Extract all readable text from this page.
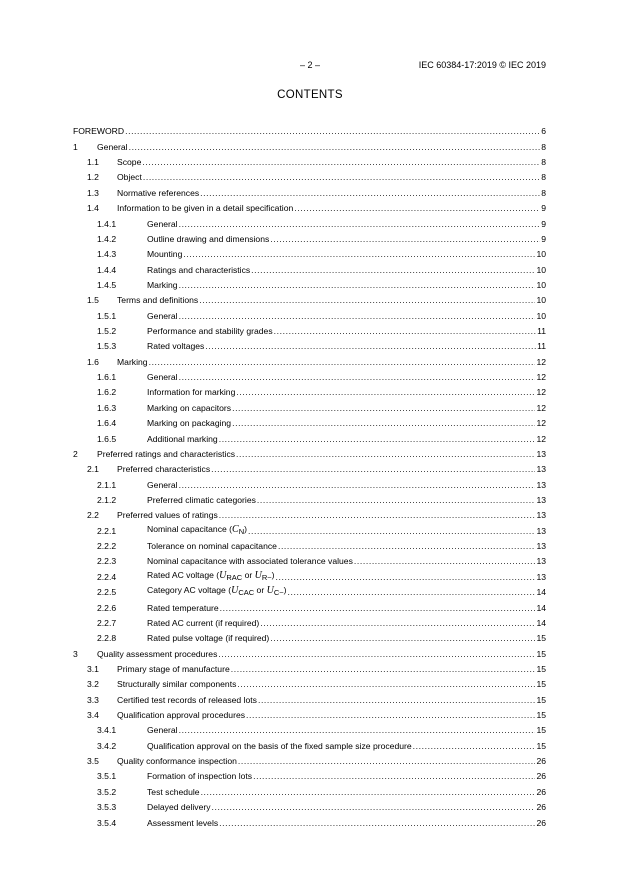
– 2 –	IEC 60384-17:2019 © IEC 2019
CONTENTS
FOREWORD .....	6
1	General .....	8
1.1	Scope .....	8
1.2	Object .....	8
1.3	Normative references .....	8
1.4	Information to be given in a detail specification .....	9
1.4.1	General .....	9
1.4.2	Outline drawing and dimensions .....	9
1.4.3	Mounting .....	10
1.4.4	Ratings and characteristics .....	10
1.4.5	Marking .....	10
1.5	Terms and definitions .....	10
1.5.1	General .....	10
1.5.2	Performance and stability grades .....	11
1.5.3	Rated voltages .....	11
1.6	Marking .....	12
1.6.1	General .....	12
1.6.2	Information for marking .....	12
1.6.3	Marking on capacitors .....	12
1.6.4	Marking on packaging .....	12
1.6.5	Additional marking .....	12
2	Preferred ratings and characteristics .....	13
2.1	Preferred characteristics .....	13
2.1.1	General .....	13
2.1.2	Preferred climatic categories .....	13
2.2	Preferred values of ratings .....	13
2.2.1	Nominal capacitance (CN) .....	13
2.2.2	Tolerance on nominal capacitance .....	13
2.2.3	Nominal capacitance with associated tolerance values .....	13
2.2.4	Rated AC voltage (URAC or UR~) .....	13
2.2.5	Category AC voltage (UCAC or UC~) .....	14
2.2.6	Rated temperature .....	14
2.2.7	Rated AC current (if required) .....	14
2.2.8	Rated pulse voltage (if required) .....	15
3	Quality assessment procedures .....	15
3.1	Primary stage of manufacture .....	15
3.2	Structurally similar components .....	15
3.3	Certified test records of released lots .....	15
3.4	Qualification approval procedures .....	15
3.4.1	General .....	15
3.4.2	Qualification approval on the basis of the fixed sample size procedure .....	15
3.5	Quality conformance inspection .....	26
3.5.1	Formation of inspection lots .....	26
3.5.2	Test schedule .....	26
3.5.3	Delayed delivery .....	26
3.5.4	Assessment levels .....	26
